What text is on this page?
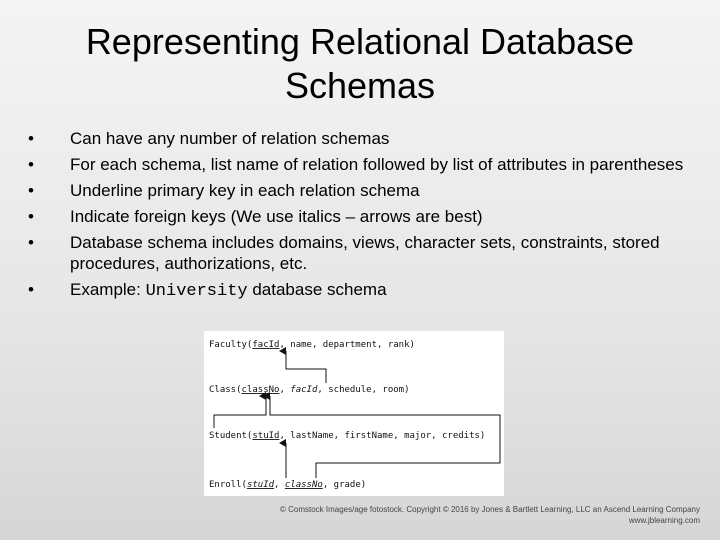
Representing Relational Database
Schemas
• Can have any number of relation schemas
• For each schema, list name of relation followed by list of attributes in parentheses
• Underline primary key in each relation schema
• Indicate foreign keys (We use italics – arrows are best)
• Database schema includes domains, views, character sets, constraints, stored procedures, authorizations, etc.
• Example: University database schema
Faculty(facId, name, department, rank)
Class(classNo, facId, schedule, room)
Student(stuId, lastName, firstName, major, credits)
Enroll(stuId, classNo, grade)
© Comstock Images/age fotostock. Copyright © 2016 by Jones & Bartlett Learning, LLC an Ascend Learning Company
www.jblearning.com
